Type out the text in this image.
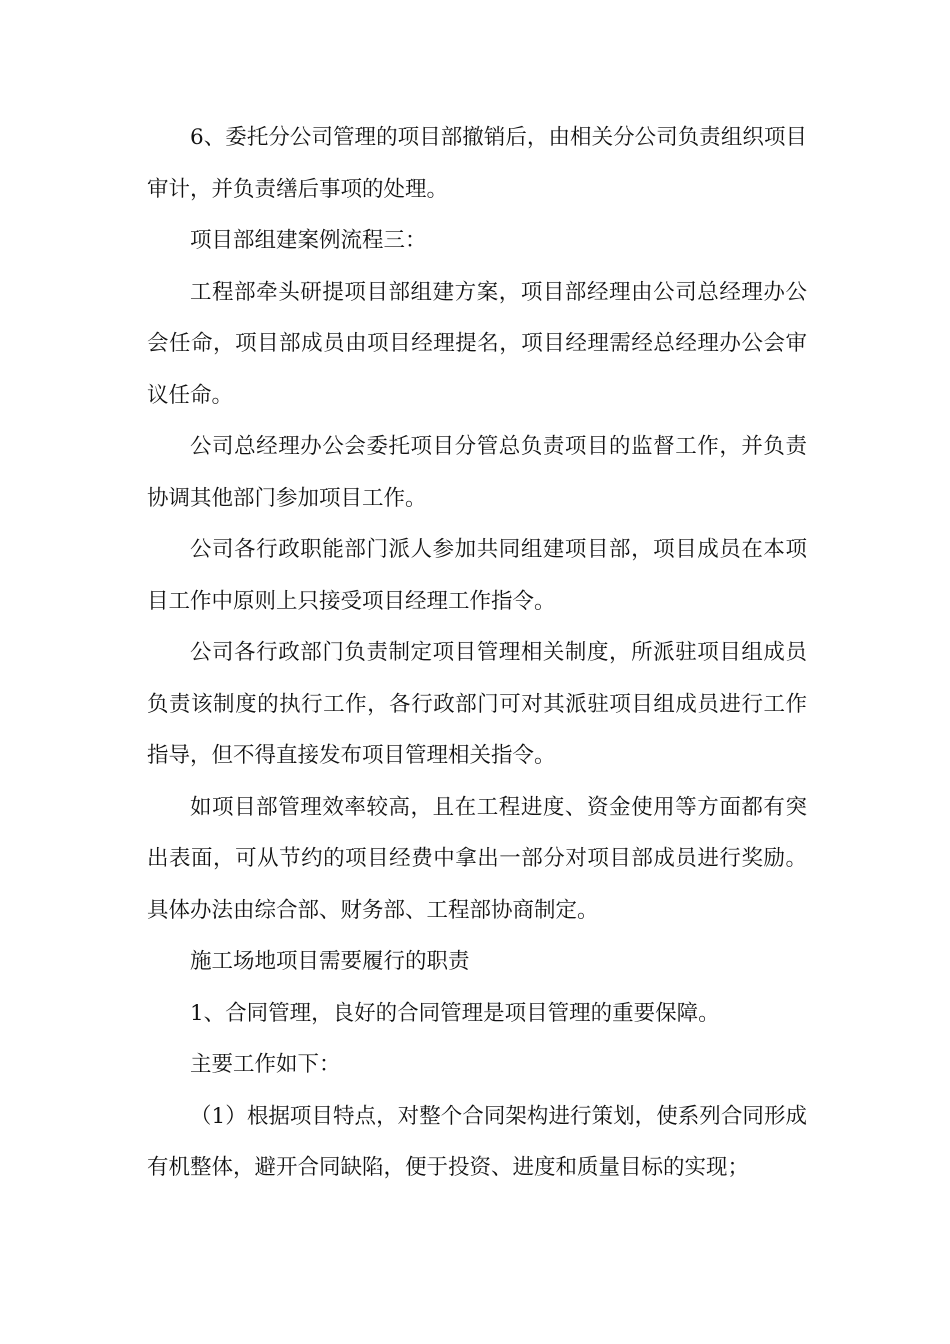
6、委托分公司管理的项目部撤销后，由相关分公司负责组织项目审计，并负责缮后事项的处理。

项目部组建案例流程三：

工程部牵头研提项目部组建方案，项目部经理由公司总经理办公会任命，项目部成员由项目经理提名，项目经理需经总经理办公会审议任命。

公司总经理办公会委托项目分管总负责项目的监督工作，并负责协调其他部门参加项目工作。

公司各行政职能部门派人参加共同组建项目部，项目成员在本项目工作中原则上只接受项目经理工作指令。

公司各行政部门负责制定项目管理相关制度，所派驻项目组成员负责该制度的执行工作，各行政部门可对其派驻项目组成员进行工作指导，但不得直接发布项目管理相关指令。

如项目部管理效率较高，且在工程进度、资金使用等方面都有突出表面，可从节约的项目经费中拿出一部分对项目部成员进行奖励。具体办法由综合部、财务部、工程部协商制定。

施工场地项目需要履行的职责

1、合同管理，良好的合同管理是项目管理的重要保障。

主要工作如下：

（1）根据项目特点，对整个合同架构进行策划，使系列合同形成有机整体，避开合同缺陷，便于投资、进度和质量目标的实现；
